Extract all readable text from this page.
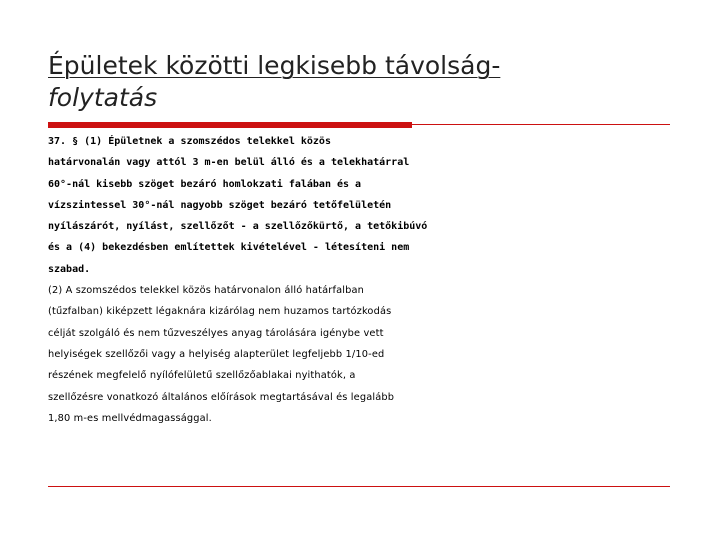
Épületek közötti legkisebb távolság-
folytatás
37. § (1) Épületnek a szomszédos telekkel közös
határvonalán vagy attól 3 m-en belül álló és a telekhatárral
60°-nál kisebb szöget bezáró homlokzati falában és a
vízszintessel 30°-nál nagyobb szöget bezáró tetőfelületén
nyílászárót, nyílást, szellőzőt - a szellőzőkürtő, a tetőkibúvó
és a (4) bekezdésben említettek kivételével - létesíteni nem
szabad.
(2) A szomszédos telekkel közös határvonalon álló határfalban
(tűzfalban) kiképzett légaknára kizárólag nem huzamos tartózkodás
célját szolgáló és nem tűzveszélyes anyag tárolására igénybe vett
helyiségek szellőzői vagy a helyiség alapterület legfeljebb 1/10-ed
részének megfelelő nyílófelületű szellőzőablakai nyithatók, a
szellőzésre vonatkozó általános előírások megtartásával és legalább
1,80 m-es mellvédmagassággal.
